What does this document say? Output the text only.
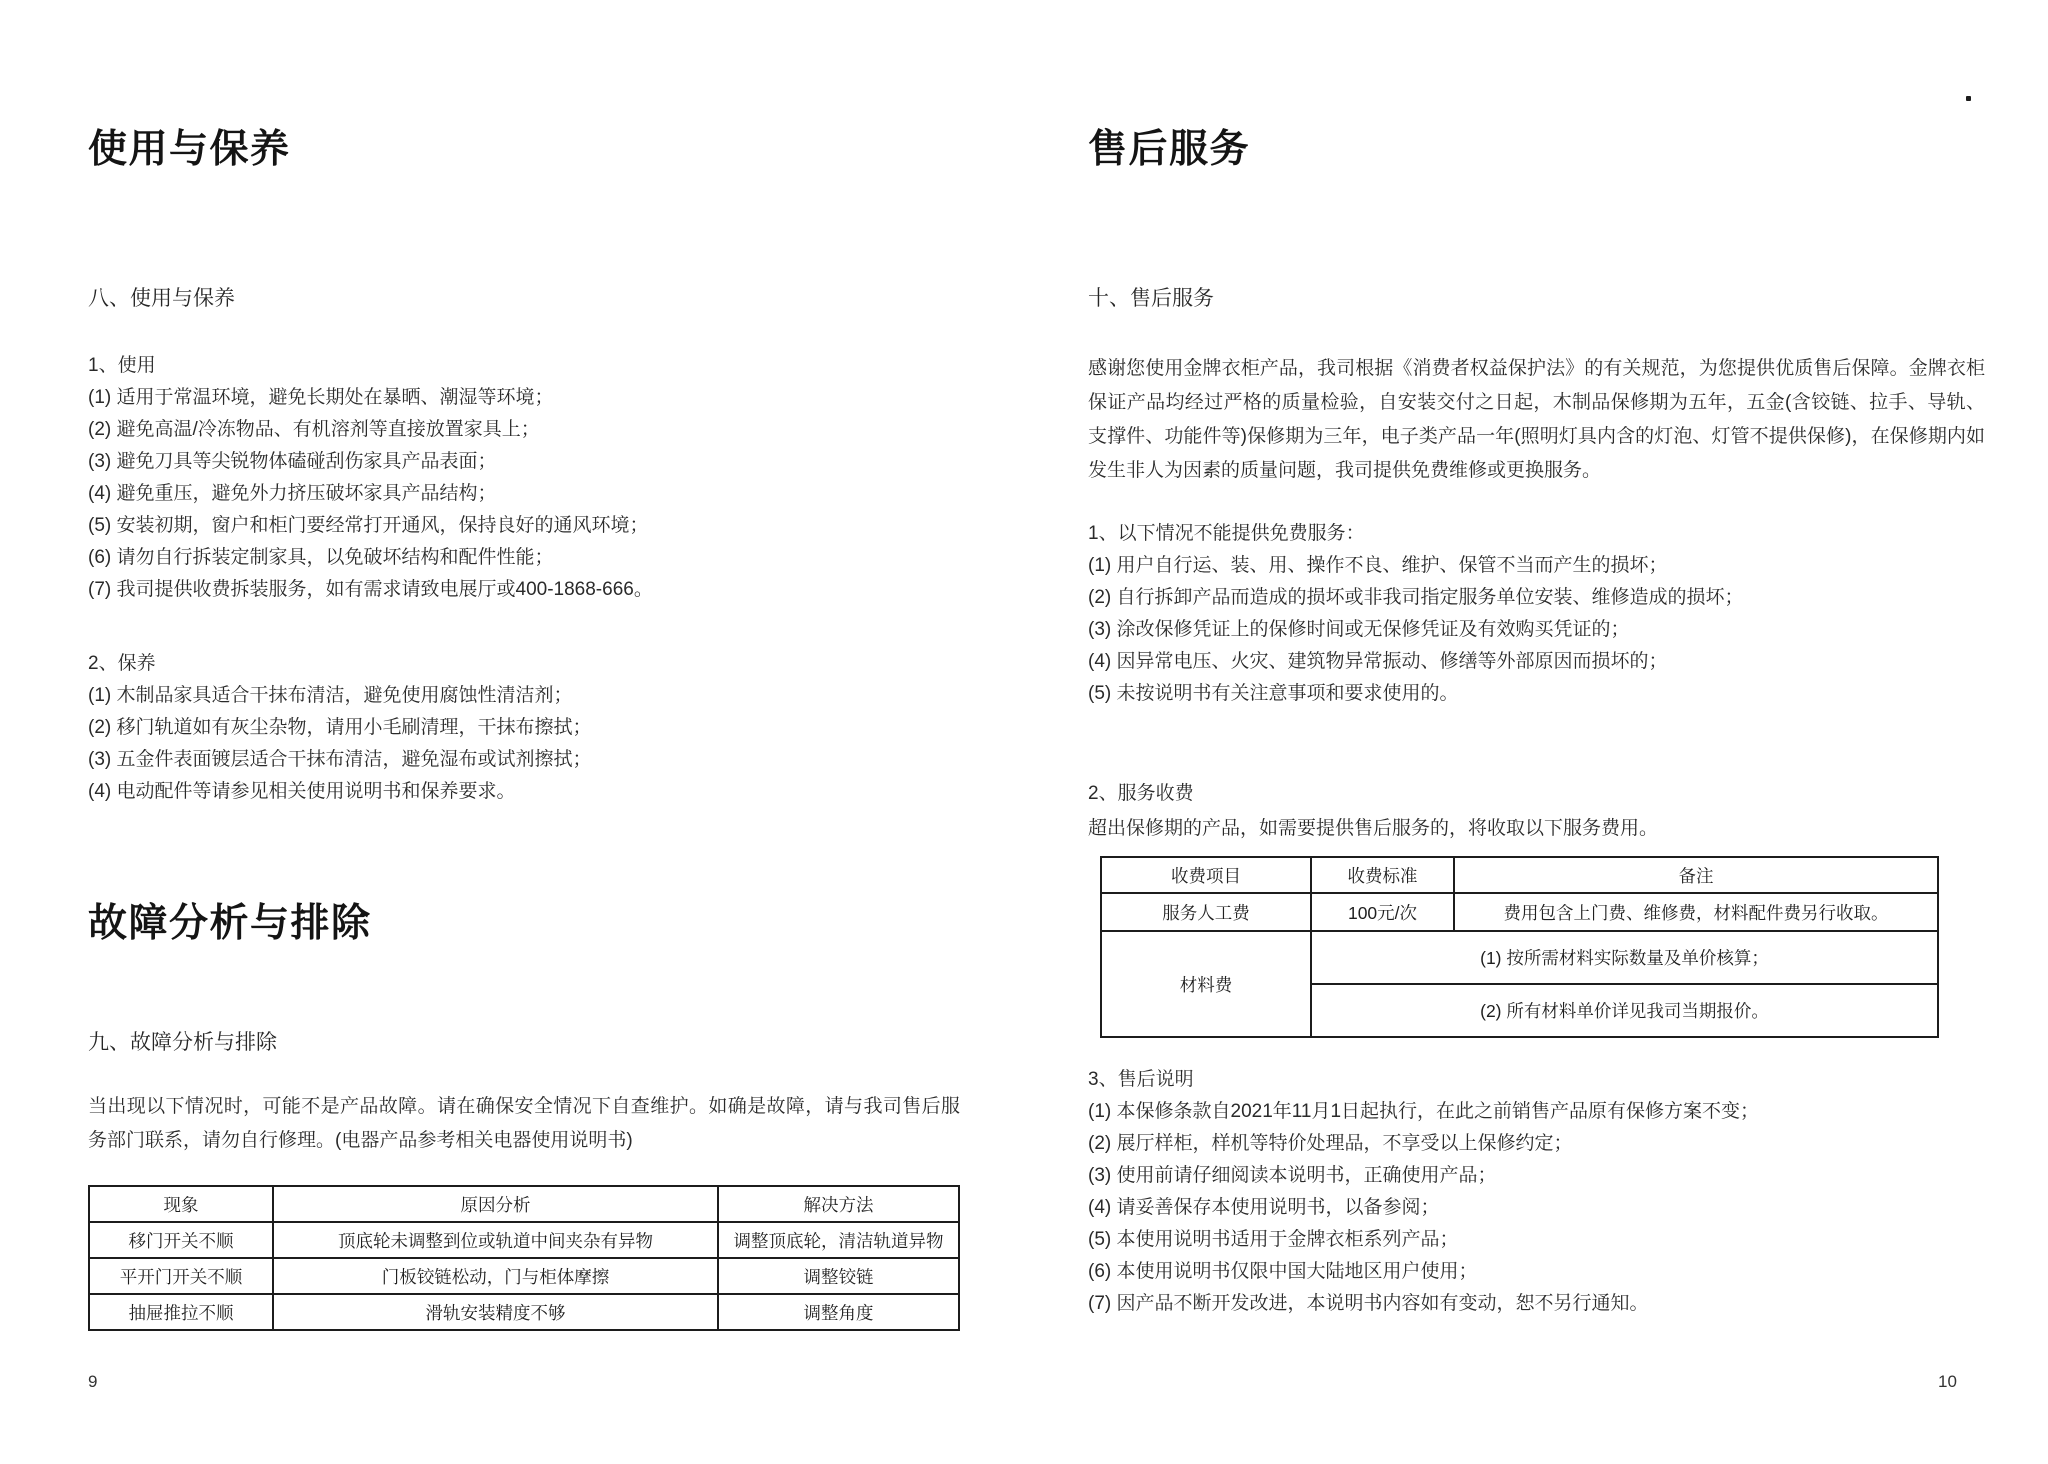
使用与保养
八、使用与保养
1、使用
(1) 适用于常温环境，避免长期处在暴晒、潮湿等环境；
(2) 避免高温/冷冻物品、有机溶剂等直接放置家具上；
(3) 避免刀具等尖锐物体磕碰刮伤家具产品表面；
(4) 避免重压，避免外力挤压破坏家具产品结构；
(5) 安装初期，窗户和柜门要经常打开通风，保持良好的通风环境；
(6) 请勿自行拆装定制家具，以免破坏结构和配件性能；
(7) 我司提供收费拆装服务，如有需求请致电展厅或400-1868-666。
2、保养
(1) 木制品家具适合干抹布清洁，避免使用腐蚀性清洁剂；
(2) 移门轨道如有灰尘杂物，请用小毛刷清理，干抹布擦拭；
(3) 五金件表面镀层适合干抹布清洁，避免湿布或试剂擦拭；
(4) 电动配件等请参见相关使用说明书和保养要求。
故障分析与排除
九、故障分析与排除
当出现以下情况时，可能不是产品故障。请在确保安全情况下自查维护。如确是故障，请与我司售后服务部门联系，请勿自行修理。(电器产品参考相关电器使用说明书)
现象	原因分析	解决方法
移门开关不顺	顶底轮未调整到位或轨道中间夹杂有异物	调整顶底轮，清洁轨道异物
平开门开关不顺	门板铰链松动，门与柜体摩擦	调整铰链
抽屉推拉不顺	滑轨安装精度不够	调整角度
9
售后服务
十、售后服务
感谢您使用金牌衣柜产品，我司根据《消费者权益保护法》的有关规范，为您提供优质售后保障。金牌衣柜保证产品均经过严格的质量检验，自安装交付之日起，木制品保修期为五年，五金(含铰链、拉手、导轨、支撑件、功能件等)保修期为三年，电子类产品一年(照明灯具内含的灯泡、灯管不提供保修)，在保修期内如发生非人为因素的质量问题，我司提供免费维修或更换服务。
1、以下情况不能提供免费服务：
(1) 用户自行运、装、用、操作不良、维护、保管不当而产生的损坏；
(2) 自行拆卸产品而造成的损坏或非我司指定服务单位安装、维修造成的损坏；
(3) 涂改保修凭证上的保修时间或无保修凭证及有效购买凭证的；
(4) 因异常电压、火灾、建筑物异常振动、修缮等外部原因而损坏的；
(5) 未按说明书有关注意事项和要求使用的。
2、服务收费
超出保修期的产品，如需要提供售后服务的，将收取以下服务费用。
收费项目	收费标准	备注
服务人工费	100元/次	费用包含上门费、维修费，材料配件费另行收取。
材料费	(1) 按所需材料实际数量及单价核算；	
	(2) 所有材料单价详见我司当期报价。	
3、售后说明
(1) 本保修条款自2021年11月1日起执行，在此之前销售产品原有保修方案不变；
(2) 展厅样柜，样机等特价处理品，不享受以上保修约定；
(3) 使用前请仔细阅读本说明书，正确使用产品；
(4) 请妥善保存本使用说明书，以备参阅；
(5) 本使用说明书适用于金牌衣柜系列产品；
(6) 本使用说明书仅限中国大陆地区用户使用；
(7) 因产品不断开发改进，本说明书内容如有变动，恕不另行通知。
10
